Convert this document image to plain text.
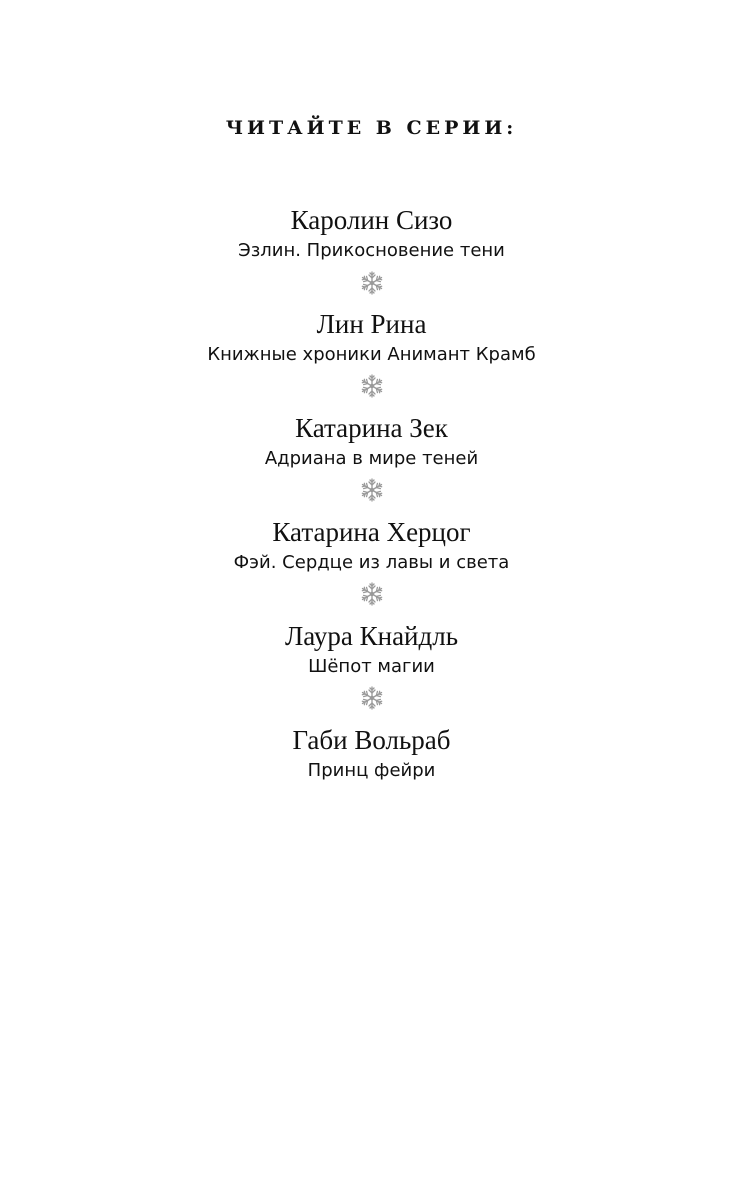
ЧИТАЙТЕ В СЕРИИ:
Каролин Сизо
Эзлин. Прикосновение тени
Лин Рина
Книжные хроники Анимант Крамб
Катарина Зек
Адриана в мире теней
Катарина Херцог
Фэй. Сердце из лавы и света
Лаура Кнайдль
Шёпот магии
Габи Вольраб
Принц фейри
